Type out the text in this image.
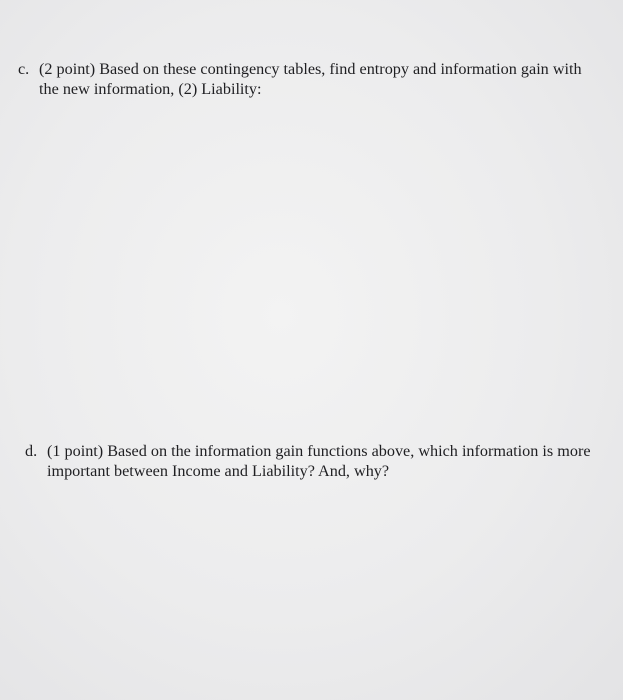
c. (2 point) Based on these contingency tables, find entropy and information gain with
the new information, (2) Liability:
d. (1 point) Based on the information gain functions above, which information is more
important between Income and Liability? And, why?
